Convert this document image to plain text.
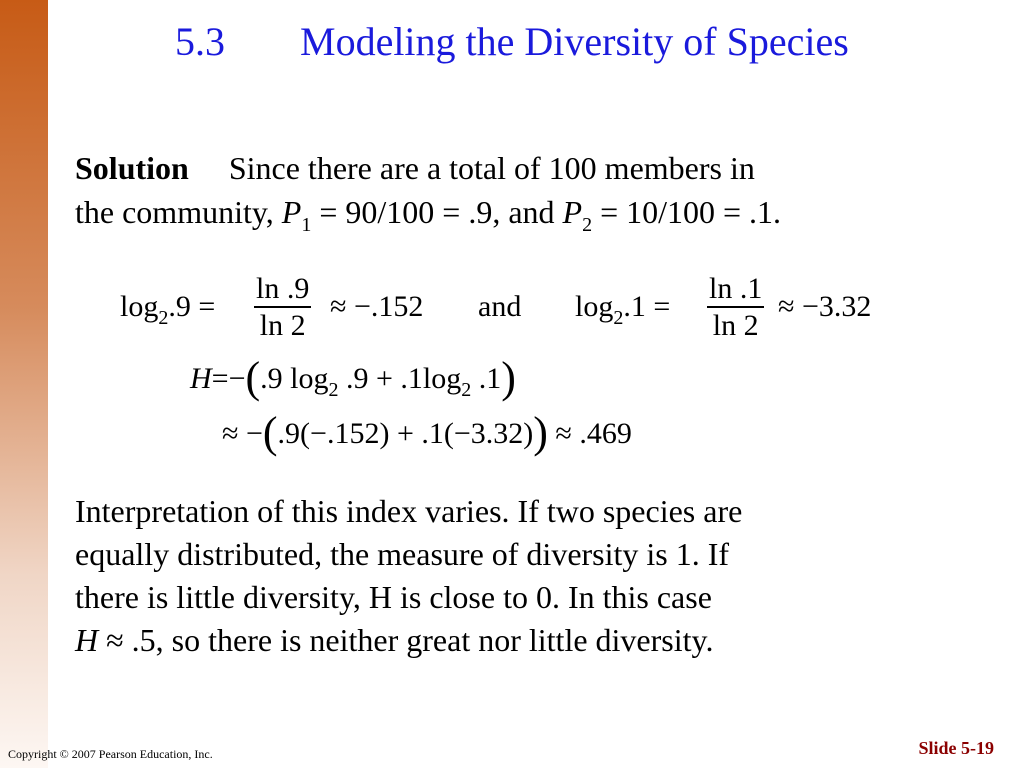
5.3 Modeling the Diversity of Species
Solution Since there are a total of 100 members in
the community, $P_1 = 90/100 = .9$, and $P_2 = 10/100 = .1$.
$\log_2.9 = \frac{\ln .9}{\ln 2} \approx -.152$ and $\log_2.1 = \frac{\ln .1}{\ln 2} \approx -3.32$
H=−(.9 $\log_2 .9 + .1\log_2$ .1)
≈ −(.9(−.152) + .1(−3.32)) ≈ .469
Interpretation of this index varies. If two species are
equally distributed, the measure of diversity is 1. If
there is little diversity, H is close to 0. In this case
H ≈ .5, so there is neither great nor little diversity.
Copyright © 2007 Pearson Education, Inc.	Slide 5-19
